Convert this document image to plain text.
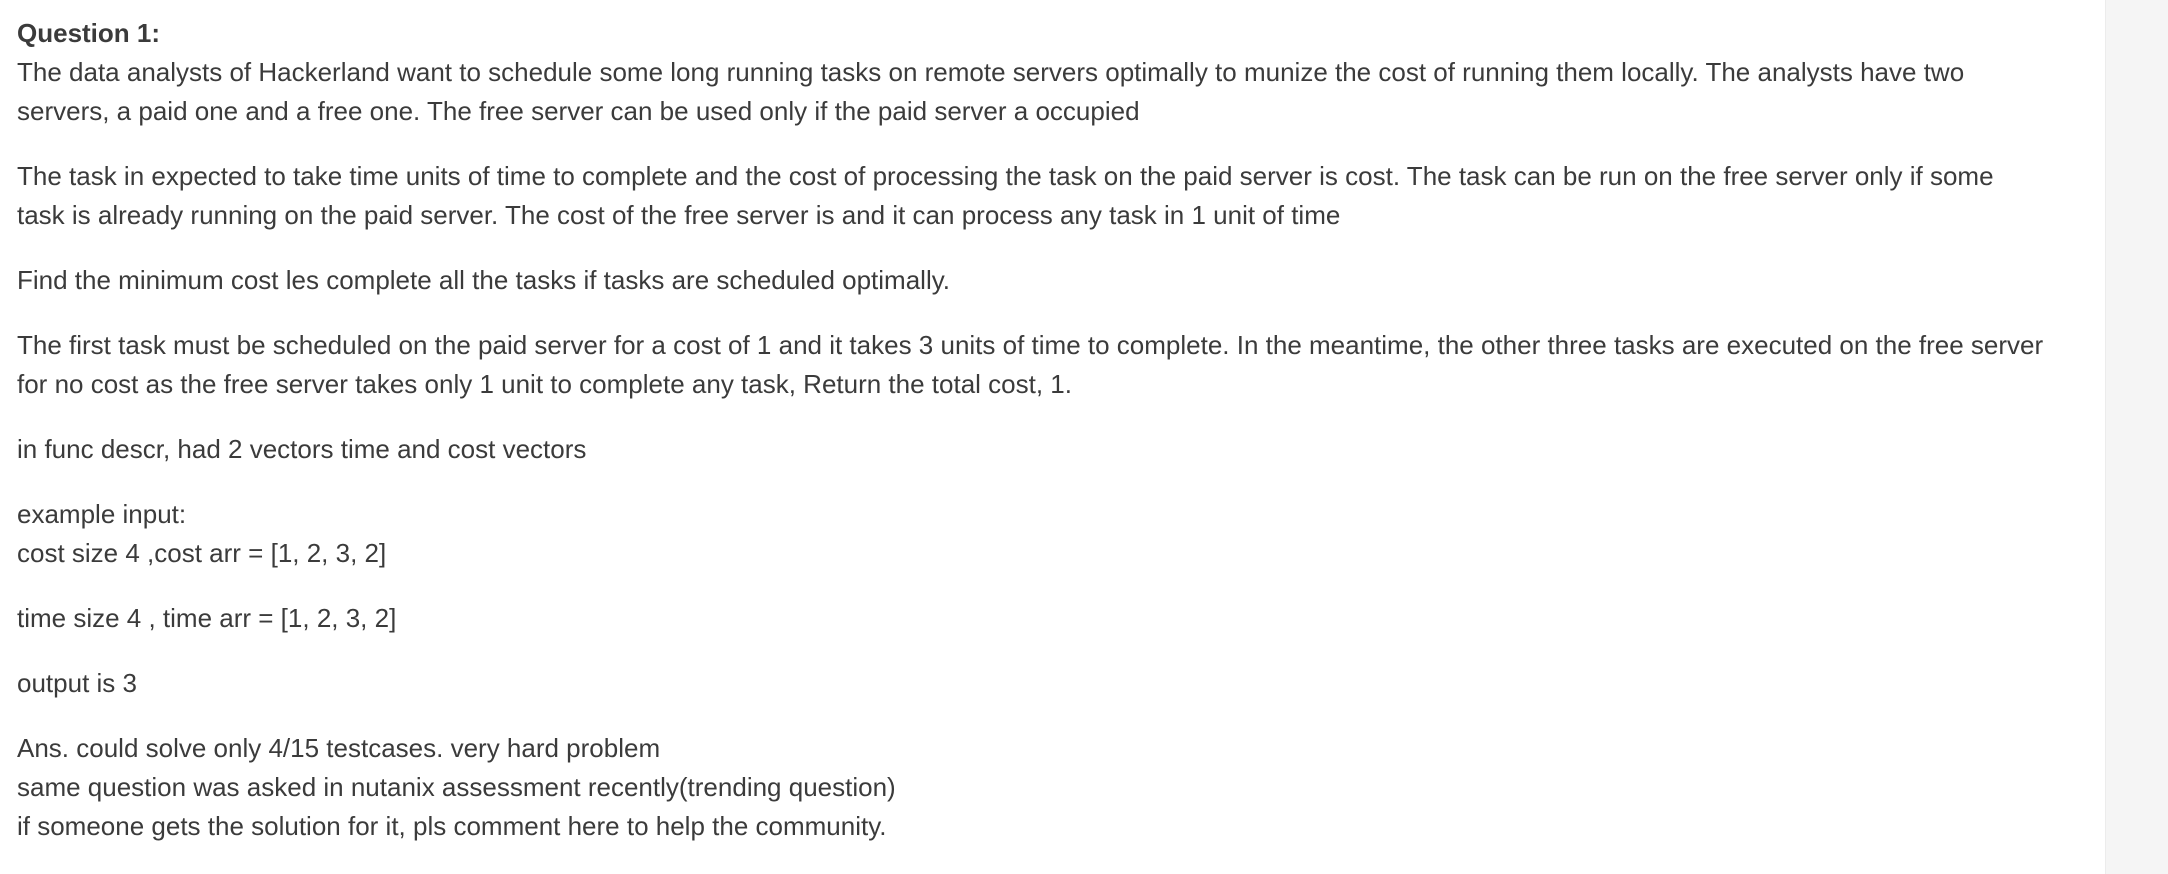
Question 1:

The data analysts of Hackerland want to schedule some long running tasks on remote servers optimally to munize the cost of running them locally. The analysts have two
servers, a paid one and a free one. The free server can be used only if the paid server a occupied
The task in expected to take time units of time to complete and the cost of processing the task on the paid server is cost. The task can be run on the free server only if some
task is already running on the paid server. The cost of the free server is and it can process any task in 1 unit of time
Find the minimum cost les complete all the tasks if tasks are scheduled optimally.
The first task must be scheduled on the paid server for a cost of 1 and it takes 3 units of time to complete. In the meantime, the other three tasks are executed on the free server
for no cost as the free server takes only 1 unit to complete any task, Return the total cost, 1.
in func descr, had 2 vectors time and cost vectors
example input:
cost size 4 ,cost arr = [1, 2, 3, 2]
time size 4 , time arr = [1, 2, 3, 2]
output is 3
Ans. could solve only 4/15 testcases. very hard problem
same question was asked in nutanix assessment recently(trending question)
if someone gets the solution for it, pls comment here to help the community.
